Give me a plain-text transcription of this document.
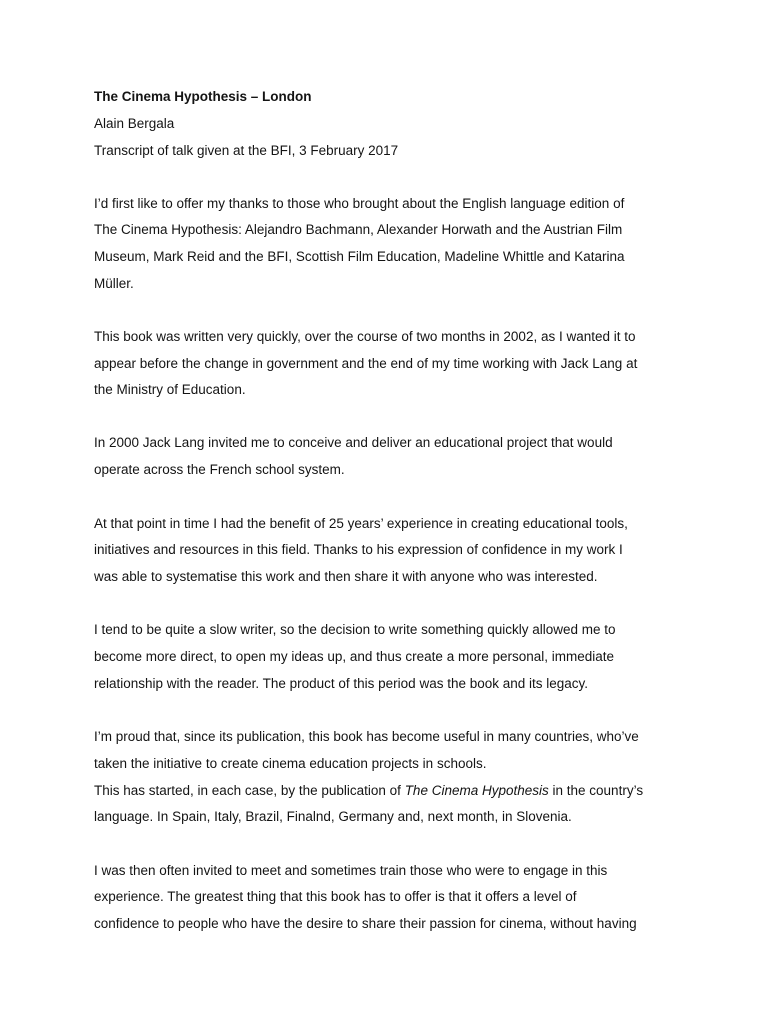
The Cinema Hypothesis – London

Alain Bergala

Transcript of talk given at the BFI, 3 February 2017

I’d first like to offer my thanks to those who brought about the English language edition of

The Cinema Hypothesis: Alejandro Bachmann, Alexander Horwath and the Austrian Film

Museum, Mark Reid and the BFI, Scottish Film Education, Madeline Whittle and Katarina

Müller.

This book was written very quickly, over the course of two months in 2002, as I wanted it to

appear before the change in government and the end of my time working with Jack Lang at

the Ministry of Education.

In 2000 Jack Lang invited me to conceive and deliver an educational project that would

operate across the French school system.

At that point in time I had the benefit of 25 years’ experience in creating educational tools,

initiatives and resources in this field. Thanks to his expression of confidence in my work I

was able to systematise this work and then share it with anyone who was interested.

I tend to be quite a slow writer, so the decision to write something quickly allowed me to

become more direct, to open my ideas up, and thus create a more personal, immediate

relationship with the reader. The product of this period was the book and its legacy.

I’m proud that, since its publication, this book has become useful in many countries, who’ve

taken the initiative to create cinema education projects in schools.

This has started, in each case, by the publication of The Cinema Hypothesis in the country’s

language. In Spain, Italy, Brazil, Finalnd, Germany and, next month, in Slovenia.

I was then often invited to meet and sometimes train those who were to engage in this

experience. The greatest thing that this book has to offer is that it offers a level of

confidence to people who have the desire to share their passion for cinema, without having
